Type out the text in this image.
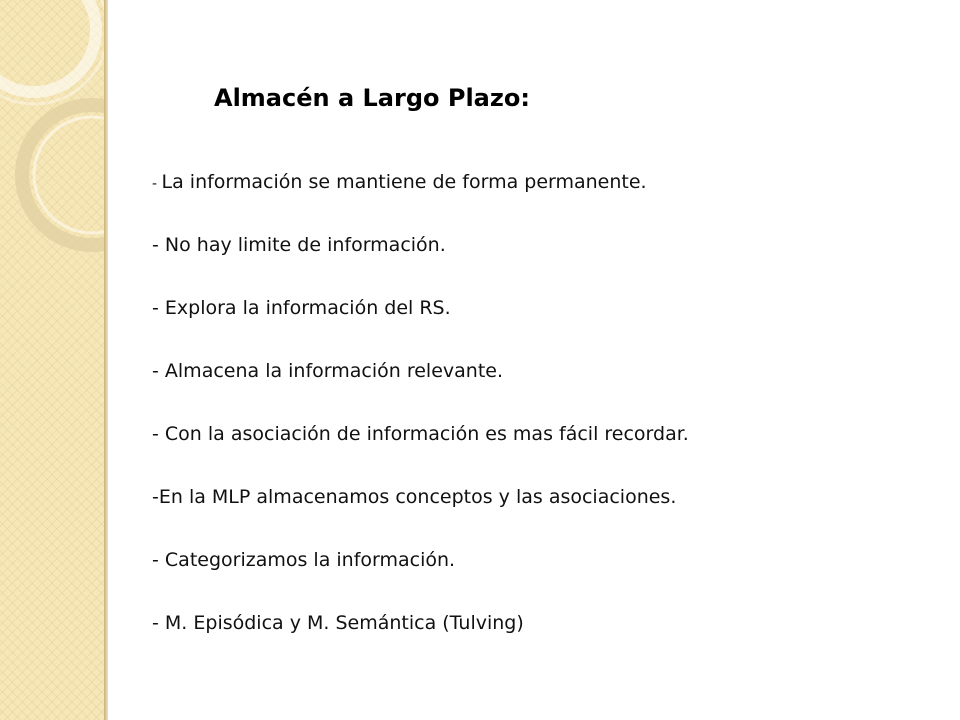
Almacén a Largo Plazo:
- La información se mantiene de forma permanente.
- No hay limite de información.
- Explora la información del RS.
- Almacena la información relevante.
- Con la asociación de información es mas fácil recordar.
-En la MLP almacenamos conceptos y las asociaciones.
- Categorizamos la información.
- M. Episódica y M. Semántica (Tulving)
